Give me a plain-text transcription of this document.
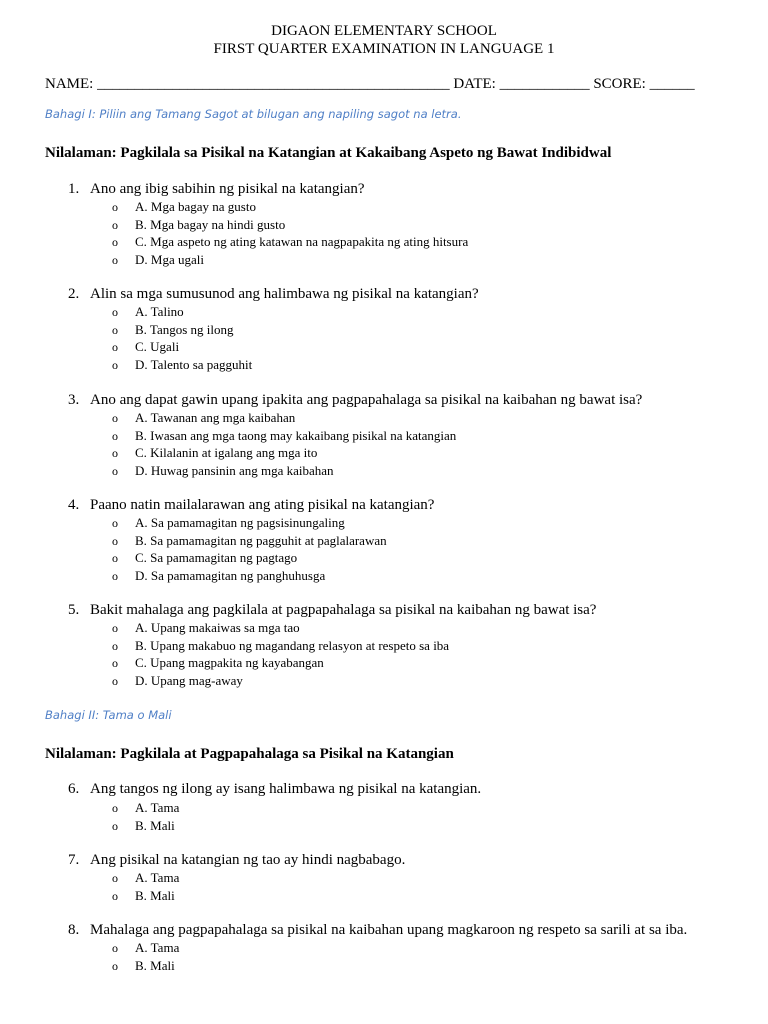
DIGAON ELEMENTARY SCHOOL
FIRST QUARTER EXAMINATION IN LANGUAGE 1
NAME: _______________________________________________ DATE: ____________ SCORE: ______
Bahagi I: Piliin ang Tamang Sagot at bilugan ang napiling sagot na letra.
Nilalaman: Pagkilala sa Pisikal na Katangian at Kakaibang Aspeto ng Bawat Indibidwal
1. Ano ang ibig sabihin ng pisikal na katangian?
o A. Mga bagay na gusto
o B. Mga bagay na hindi gusto
o C. Mga aspeto ng ating katawan na nagpapakita ng ating hitsura
o D. Mga ugali
2. Alin sa mga sumusunod ang halimbawa ng pisikal na katangian?
o A. Talino
o B. Tangos ng ilong
o C. Ugali
o D. Talento sa pagguhit
3. Ano ang dapat gawin upang ipakita ang pagpapahalaga sa pisikal na kaibahan ng bawat isa?
o A. Tawanan ang mga kaibahan
o B. Iwasan ang mga taong may kakaibang pisikal na katangian
o C. Kilalanin at igalang ang mga ito
o D. Huwag pansinin ang mga kaibahan
4. Paano natin mailalarawan ang ating pisikal na katangian?
o A. Sa pamamagitan ng pagsisinungaling
o B. Sa pamamagitan ng pagguhit at paglalarawan
o C. Sa pamamagitan ng pagtago
o D. Sa pamamagitan ng panghuhusga
5. Bakit mahalaga ang pagkilala at pagpapahalaga sa pisikal na kaibahan ng bawat isa?
o A. Upang makaiwas sa mga tao
o B. Upang makabuo ng magandang relasyon at respeto sa iba
o C. Upang magpakita ng kayabangan
o D. Upang mag-away
Bahagi II: Tama o Mali
Nilalaman: Pagkilala at Pagpapahalaga sa Pisikal na Katangian
6. Ang tangos ng ilong ay isang halimbawa ng pisikal na katangian.
o A. Tama
o B. Mali
7. Ang pisikal na katangian ng tao ay hindi nagbabago.
o A. Tama
o B. Mali
8. Mahalaga ang pagpapahalaga sa pisikal na kaibahan upang magkaroon ng respeto sa sarili at sa iba.
o A. Tama
o B. Mali
